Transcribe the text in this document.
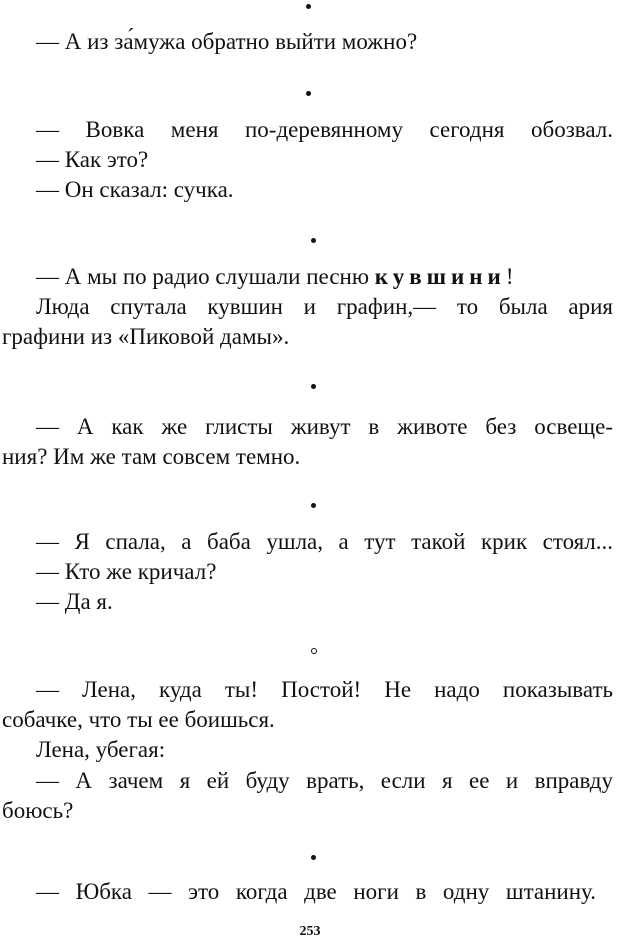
— А из за́мужа обратно выйти можно?
— Вовка меня по-деревянному сегодня обозвал.
— Как это?
— Он сказал: сучка.
— А мы по радио слушали песню кувшини!
Люда спутала кувшин и графин,— то была ария
графини из «Пиковой дамы».
— А как же глисты живут в животе без освеще-
ния? Им же там совсем темно.
— Я спала, а баба ушла, а тут такой крик стоял...
— Кто же кричал?
— Да я.
— Лена, куда ты! Постой! Не надо показывать
собачке, что ты ее боишься.
Лена, убегая:
— А зачем я ей буду врать, если я ее и вправду
боюсь?
— Юбка — это когда две ноги в одну штанину.
253
